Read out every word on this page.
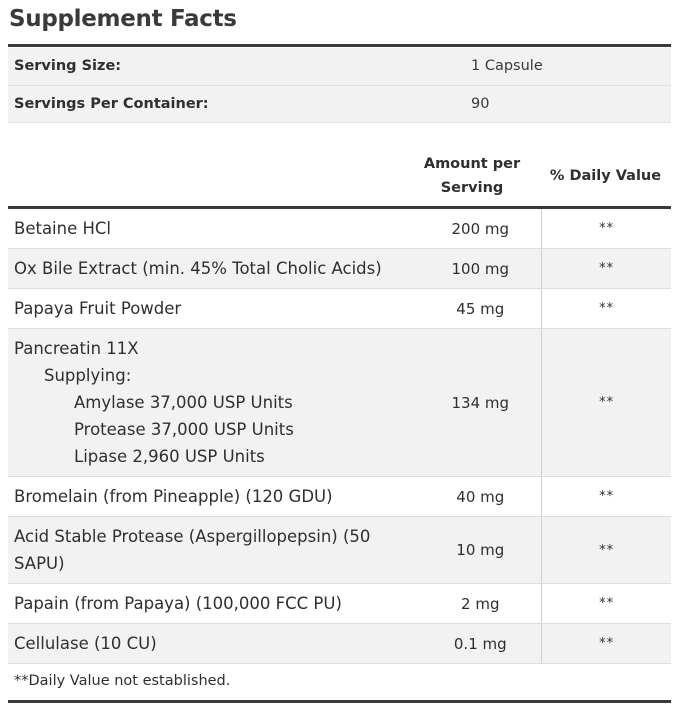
Supplement Facts
Serving Size:	1 Capsule
Servings Per Container:	90
Amount per
Serving
% Daily Value
Betaine HCl	200 mg	**
Ox Bile Extract (min. 45% Total Cholic Acids)	100 mg	**
Papaya Fruit Powder	45 mg	**
Pancreatin 11X
Supplying:
Amylase 37,000 USP Units
Protease 37,000 USP Units
Lipase 2,960 USP Units
134 mg	**
Bromelain (from Pineapple) (120 GDU)	40 mg	**
Acid Stable Protease (Aspergillopepsin) (50
SAPU)
10 mg	**
Papain (from Papaya) (100,000 FCC PU)	2 mg	**
Cellulase (10 CU)	0.1 mg	**
**Daily Value not established.
